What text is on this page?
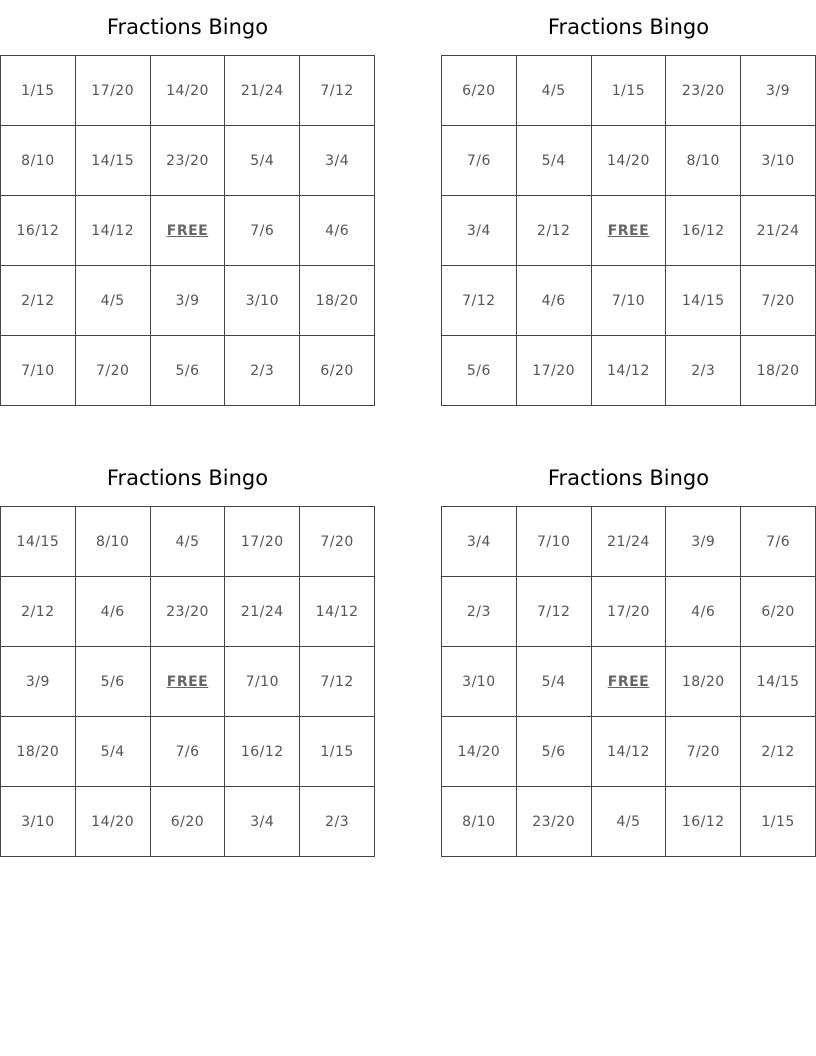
Fractions Bingo
1/15	17/20	14/20	21/24	7/12
8/10	14/15	23/20	5/4	3/4
16/12	14/12	FREE	7/6	4/6
2/12	4/5	3/9	3/10	18/20
7/10	7/20	5/6	2/3	6/20
Fractions Bingo
6/20	4/5	1/15	23/20	3/9
7/6	5/4	14/20	8/10	3/10
3/4	2/12	FREE	16/12	21/24
7/12	4/6	7/10	14/15	7/20
5/6	17/20	14/12	2/3	18/20
Fractions Bingo
14/15	8/10	4/5	17/20	7/20
2/12	4/6	23/20	21/24	14/12
3/9	5/6	FREE	7/10	7/12
18/20	5/4	7/6	16/12	1/15
3/10	14/20	6/20	3/4	2/3
Fractions Bingo
3/4	7/10	21/24	3/9	7/6
2/3	7/12	17/20	4/6	6/20
3/10	5/4	FREE	18/20	14/15
14/20	5/6	14/12	7/20	2/12
8/10	23/20	4/5	16/12	1/15
